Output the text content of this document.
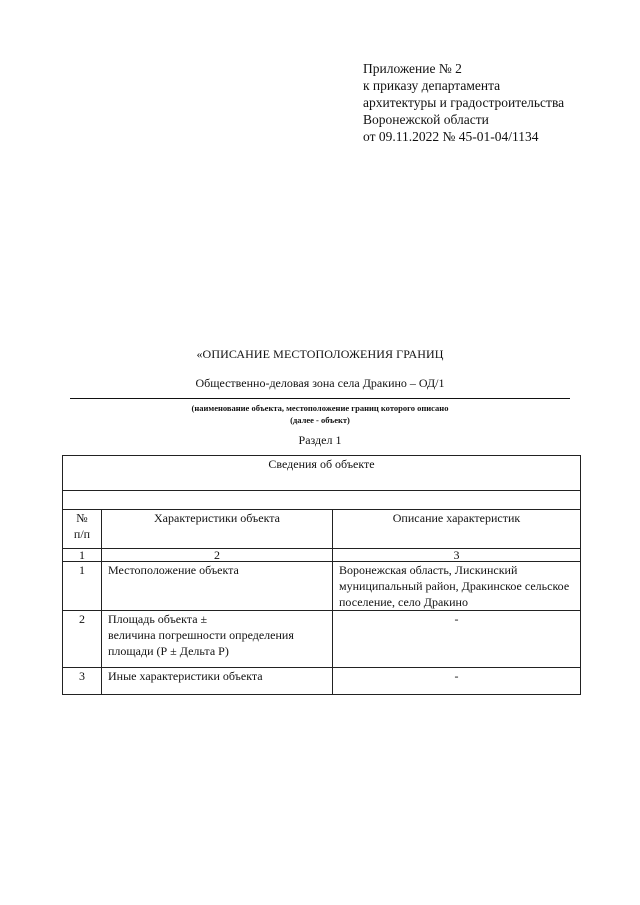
Приложение № 2
к приказу департамента
архитектуры и градостроительства
Воронежской области
от 09.11.2022 № 45-01-04/1134
«ОПИСАНИЕ МЕСТОПОЛОЖЕНИЯ ГРАНИЦ
Общественно-деловая зона села Дракино – ОД/1
(наименование объекта, местоположение границ которого описано
(далее - объект)
Раздел 1
Сведения об объекте		

№
п/п	Характеристики объекта	Описание характеристик
1	2	3
1	Местоположение объекта	Воронежская область, Лискинский муниципальный район, Дракинское сельское поселение, село Дракино
2	Площадь объекта ±
величина погрешности определения
площади (Р ± Дельта Р)	-
3	Иные характеристики объекта	-
